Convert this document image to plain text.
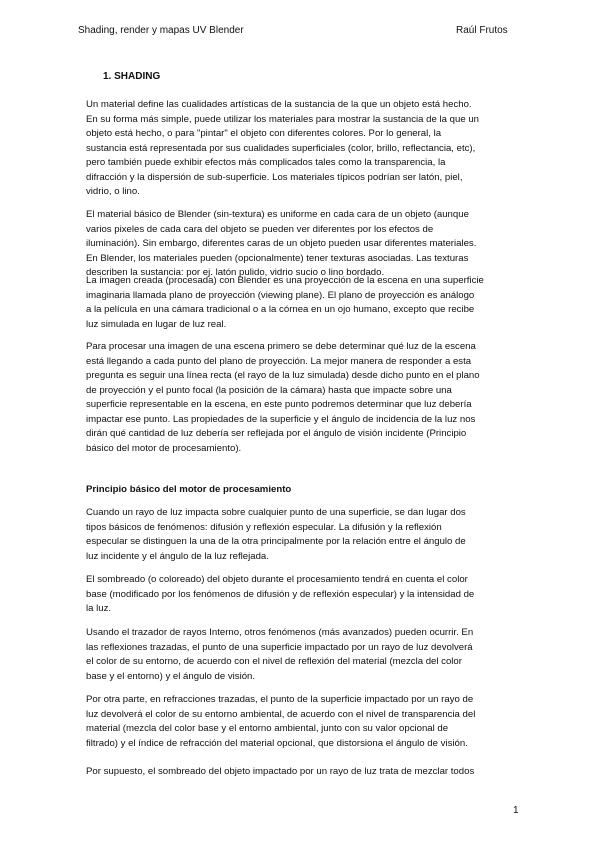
Shading, render y mapas UV Blender	Raúl Frutos
1. SHADING
Un material define las cualidades artísticas de la sustancia de la que un objeto está hecho.
En su forma más simple, puede utilizar los materiales para mostrar la sustancia de la que un
objeto está hecho, o para "pintar" el objeto con diferentes colores. Por lo general, la
sustancia está representada por sus cualidades superficiales (color, brillo, reflectancia, etc),
pero también puede exhibir efectos más complicados tales como la transparencia, la
difracción y la dispersión de sub-superficie. Los materiales típicos podrían ser latón, piel,
vidrio, o lino.
El material básico de Blender (sin-textura) es uniforme en cada cara de un objeto (aunque
varios pixeles de cada cara del objeto se pueden ver diferentes por los efectos de
iluminación). Sin embargo, diferentes caras de un objeto pueden usar diferentes materiales.
En Blender, los materiales pueden (opcionalmente) tener texturas asociadas. Las texturas
describen la sustancia: por ej. latón pulido, vidrio sucio o lino bordado.
La imagen creada (procesada) con Blender es una proyección de la escena en una superficie
imaginaria llamada plano de proyección (viewing plane). El plano de proyección es análogo
a la película en una cámara tradicional o a la córnea en un ojo humano, excepto que recibe
luz simulada en lugar de luz real.
Para procesar una imagen de una escena primero se debe determinar qué luz de la escena
está llegando a cada punto del plano de proyección. La mejor manera de responder a esta
pregunta es seguir una línea recta (el rayo de la luz simulada) desde dicho punto en el plano
de proyección y el punto focal (la posición de la cámara) hasta que impacte sobre una
superficie representable en la escena, en este punto podremos determinar que luz debería
impactar ese punto. Las propiedades de la superficie y el ángulo de incidencia de la luz nos
dirán qué cantidad de luz debería ser reflejada por el ángulo de visión incidente (Principio
básico del motor de procesamiento).
Principio básico del motor de procesamiento
Cuando un rayo de luz impacta sobre cualquier punto de una superficie, se dan lugar dos
tipos básicos de fenómenos: difusión y reflexión especular. La difusión y la reflexión
especular se distinguen la una de la otra principalmente por la relación entre el ángulo de
luz incidente y el ángulo de la luz reflejada.
El sombreado (o coloreado) del objeto durante el procesamiento tendrá en cuenta el color
base (modificado por los fenómenos de difusión y de reflexión especular) y la intensidad de
la luz.
Usando el trazador de rayos Interno, otros fenómenos (más avanzados) pueden ocurrir. En
las reflexiones trazadas, el punto de una superficie impactado por un rayo de luz devolverá
el color de su entorno, de acuerdo con el nivel de reflexión del material (mezcla del color
base y el entorno) y el ángulo de visión.
Por otra parte, en refracciones trazadas, el punto de la superficie impactado por un rayo de
luz devolverá el color de su entorno ambiental, de acuerdo con el nivel de transparencia del
material (mezcla del color base y el entorno ambiental, junto con su valor opcional de
filtrado) y el índice de refracción del material opcional, que distorsiona el ángulo de visión.
Por supuesto, el sombreado del objeto impactado por un rayo de luz trata de mezclar todos
1
